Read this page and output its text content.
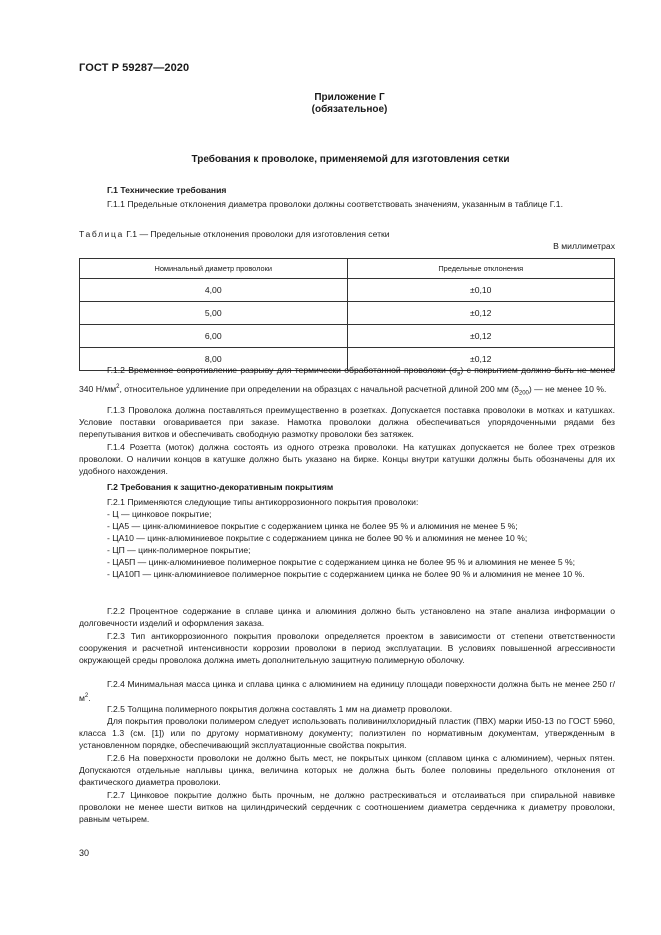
ГОСТ Р 59287—2020
Приложение Г
(обязательное)
Требования к проволоке, применяемой для изготовления сетки
Г.1 Технические требования
Г.1.1 Предельные отклонения диаметра проволоки должны соответствовать значениям, указанным в таблице Г.1.
Таблица Г.1 — Предельные отклонения проволоки для изготовления сетки
В миллиметрах
Номинальный диаметр проволоки	Предельные отклонения
4,00	±0,10
5,00	±0,12
6,00	±0,12
8,00	±0,12
Г.1.2 Временное сопротивление разрыву для термически обработанной проволоки $(\sigma_в)$ с покрытием должно быть не менее 340 $Н/мм^2$, относительное удлинение при определении на образцах с начальной расчетной длиной 200 мм $(\delta_{200})$ — не менее 10 %.
Г.1.3 Проволока должна поставляться преимущественно в розетках. Допускается поставка проволоки в мотках и катушках. Условие поставки оговаривается при заказе. Намотка проволоки должна обеспечиваться упорядоченными рядами без перепутывания витков и обеспечивать свободную размотку проволоки без затяжек.
Г.1.4 Розетта (моток) должна состоять из одного отрезка проволоки. На катушках допускается не более трех отрезков проволоки. О наличии концов в катушке должно быть указано на бирке. Концы внутри катушки должны быть обозначены для их удобного нахождения.
Г.2 Требования к защитно-декоративным покрытиям
Г.2.1 Применяются следующие типы антикоррозионного покрытия проволоки:
- Ц — цинковое покрытие;
- ЦА5 — цинк-алюминиевое покрытие с содержанием цинка не более 95 % и алюминия не менее 5 %;
- ЦА10 — цинк-алюминиевое покрытие с содержанием цинка не более 90 % и алюминия не менее 10 %;
- ЦП — цинк-полимерное покрытие;
- ЦА5П — цинк-алюминиевое полимерное покрытие с содержанием цинка не более 95 % и алюминия не менее 5 %;
- ЦА10П — цинк-алюминиевое полимерное покрытие с содержанием цинка не более 90 % и алюминия не менее 10 %.
Г.2.2 Процентное содержание в сплаве цинка и алюминия должно быть установлено на этапе анализа информации о долговечности изделий и оформления заказа.
Г.2.3 Тип антикоррозионного покрытия проволоки определяется проектом в зависимости от степени ответственности сооружения и расчетной интенсивности коррозии проволоки в период эксплуатации. В условиях повышенной агрессивности окружающей среды проволока должна иметь дополнительную защитную полимерную оболочку.
Г.2.4 Минимальная масса цинка и сплава цинка с алюминием на единицу площади поверхности должна быть не менее 250 $г/м^2$.
Г.2.5 Толщина полимерного покрытия должна составлять 1 мм на диаметр проволоки.
Для покрытия проволоки полимером следует использовать поливинилхлоридный пластик (ПВХ) марки И50-13 по ГОСТ 5960, класса 1.3 (см. [1]) или по другому нормативному документу; полиэтилен по нормативным документам, утвержденным в установленном порядке, обеспечивающий эксплуатационные свойства покрытия.
Г.2.6 На поверхности проволоки не должно быть мест, не покрытых цинком (сплавом цинка с алюминием), черных пятен. Допускаются отдельные наплывы цинка, величина которых не должна быть более половины предельного отклонения от фактического диаметра проволоки.
Г.2.7 Цинковое покрытие должно быть прочным, не должно растрескиваться и отслаиваться при спиральной навивке проволоки не менее шести витков на цилиндрический сердечник с соотношением диаметра сердечника к диаметру проволоки, равным четырем.
30
